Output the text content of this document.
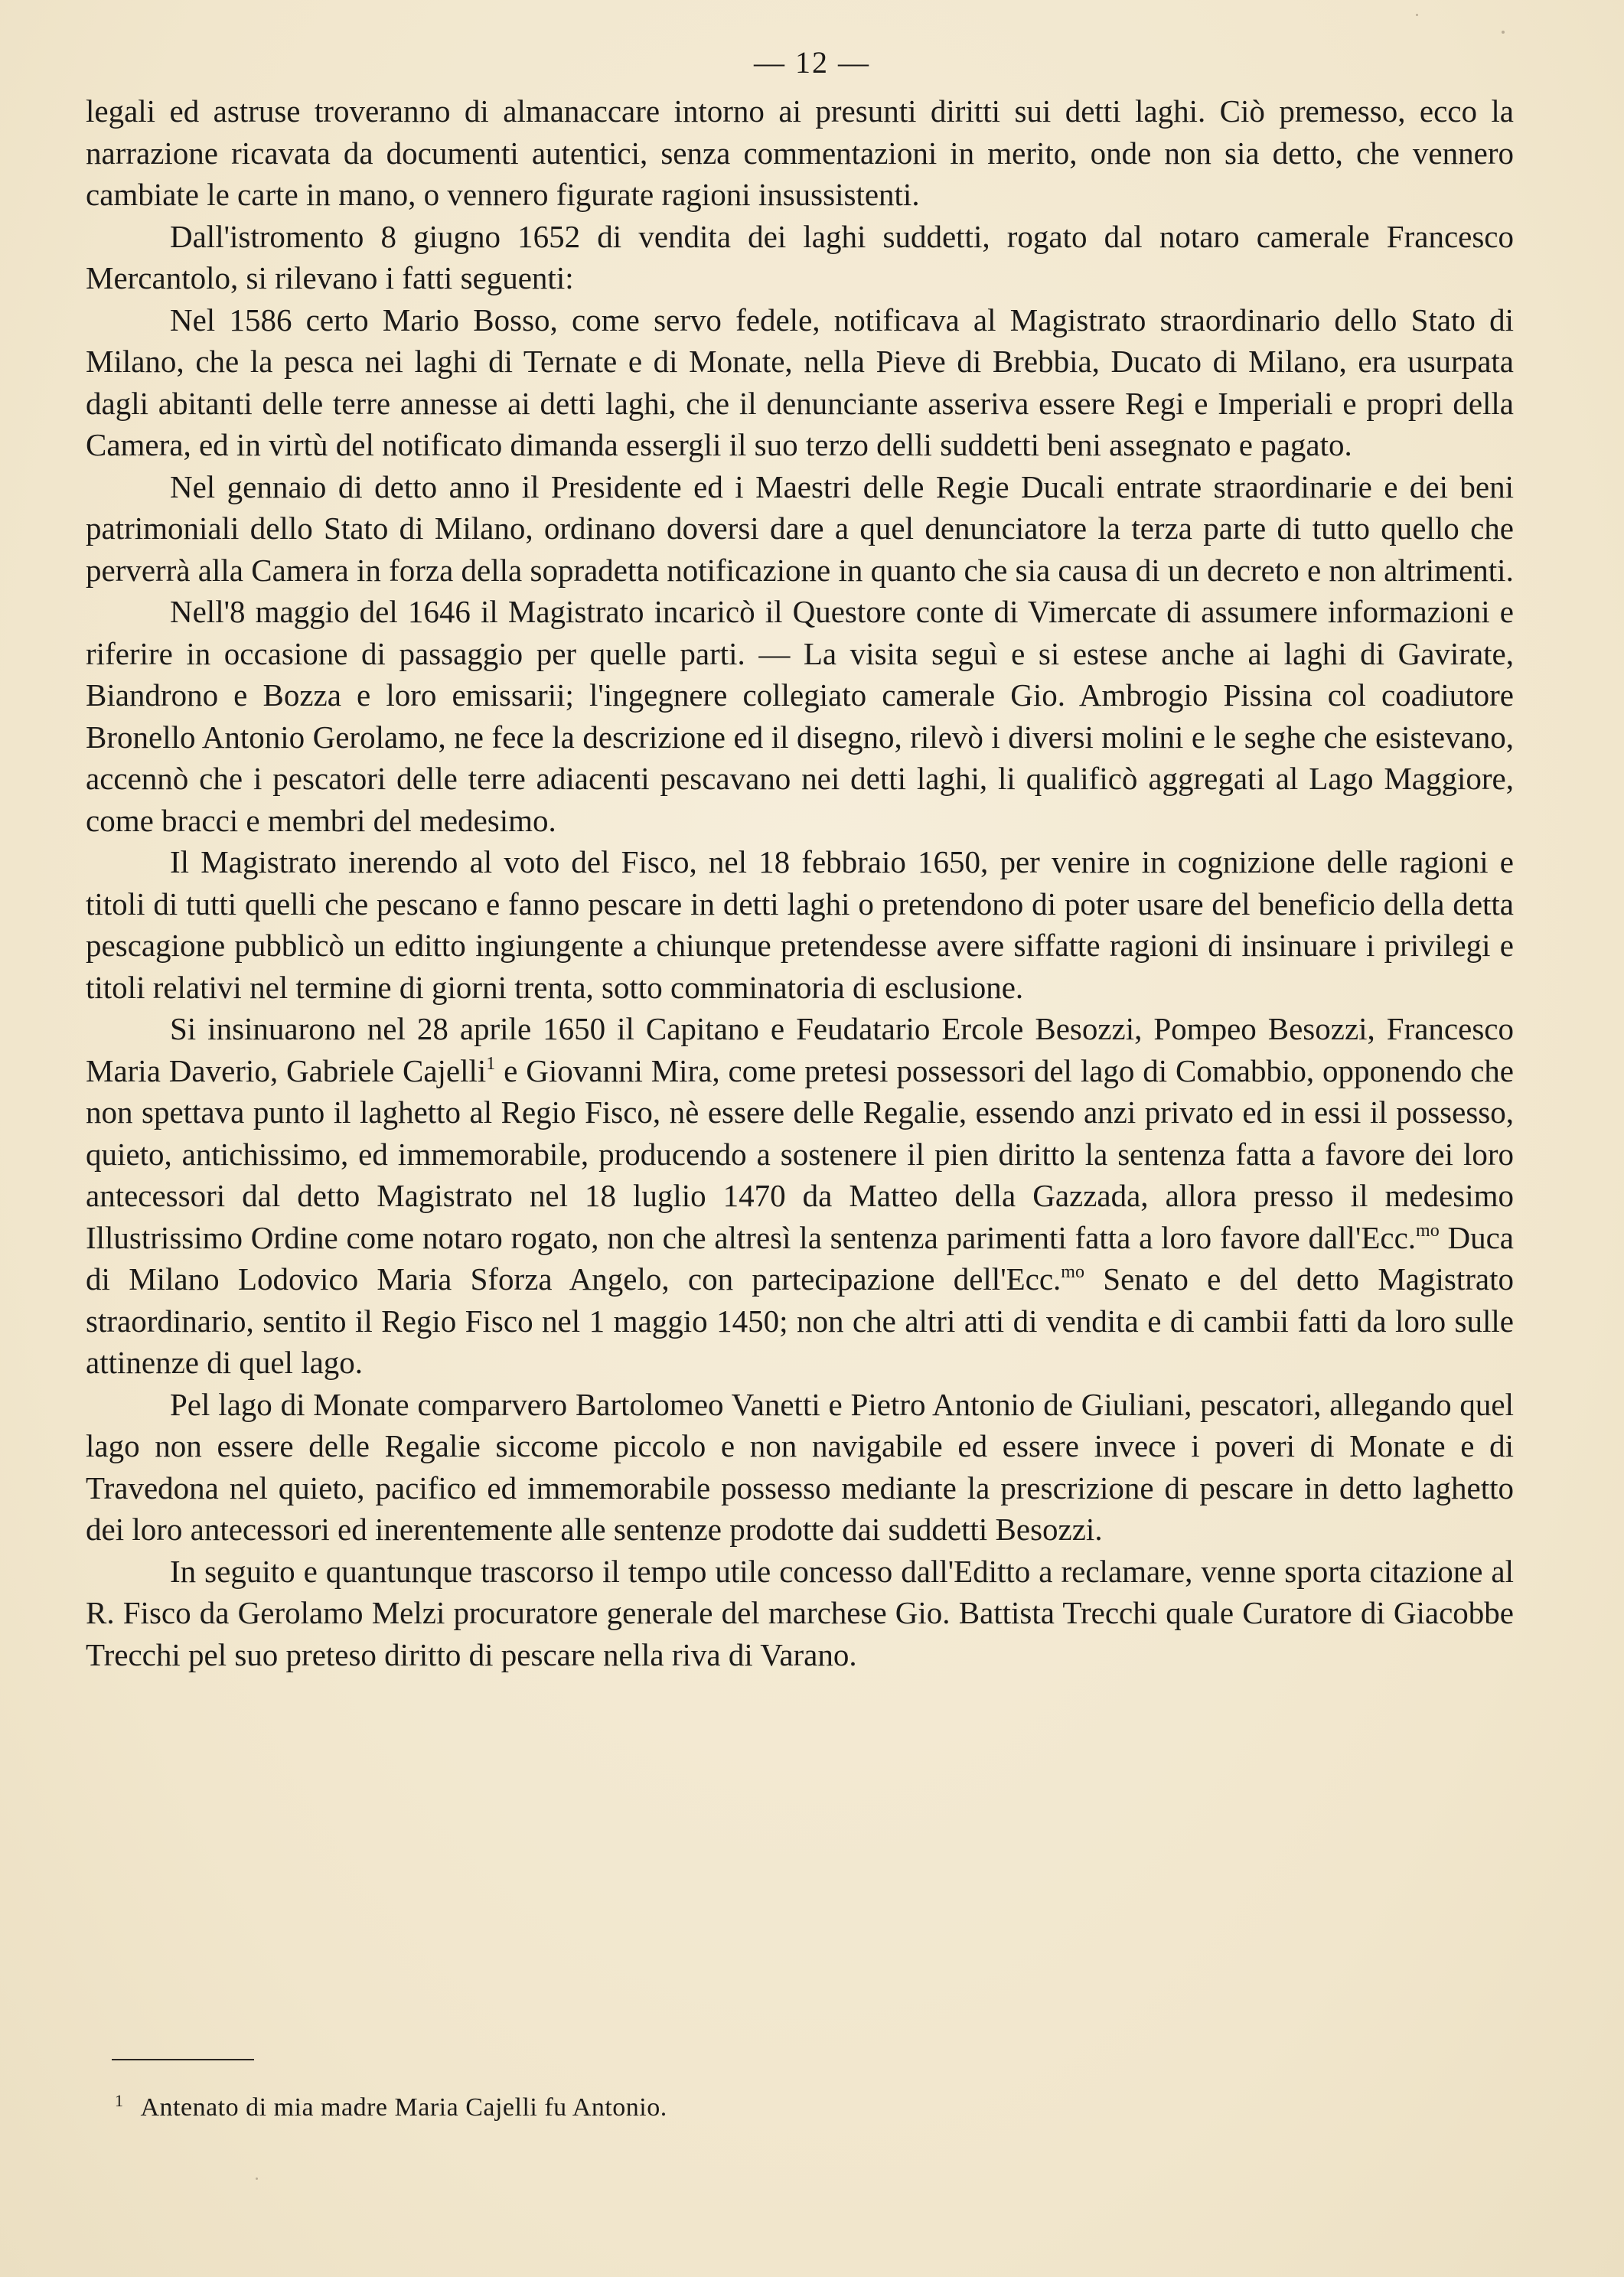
— 12 —

legali ed astruse troveranno di almanaccare intorno ai presunti diritti sui detti laghi. Ciò premesso, ecco la narrazione ricavata da documenti autentici, senza commentazioni in merito, onde non sia detto, che vennero cambiate le carte in mano, o vennero figurate ragioni insussistenti.

Dall'istromento 8 giugno 1652 di vendita dei laghi suddetti, rogato dal notaro camerale Francesco Mercantolo, si rilevano i fatti seguenti:

Nel 1586 certo Mario Bosso, come servo fedele, notificava al Magistrato straordinario dello Stato di Milano, che la pesca nei laghi di Ternate e di Monate, nella Pieve di Brebbia, Ducato di Milano, era usurpata dagli abitanti delle terre annesse ai detti laghi, che il denunciante asseriva essere Regi e Imperiali e propri della Camera, ed in virtù del notificato dimanda essergli il suo terzo delli suddetti beni assegnato e pagato.

Nel gennaio di detto anno il Presidente ed i Maestri delle Regie Ducali entrate straordinarie e dei beni patrimoniali dello Stato di Milano, ordinano doversi dare a quel denunciatore la terza parte di tutto quello che perverrà alla Camera in forza della sopradetta notificazione in quanto che sia causa di un decreto e non altrimenti.

Nell'8 maggio del 1646 il Magistrato incaricò il Questore conte di Vimercate di assumere informazioni e riferire in occasione di passaggio per quelle parti. — La visita seguì e si estese anche ai laghi di Gavirate, Biandrono e Bozza e loro emissarii; l'ingegnere collegiato camerale Gio. Ambrogio Pissina col coadiutore Bronello Antonio Gerolamo, ne fece la descrizione ed il disegno, rilevò i diversi molini e le seghe che esistevano, accennò che i pescatori delle terre adiacenti pescavano nei detti laghi, li qualificò aggregati al Lago Maggiore, come bracci e membri del medesimo.

Il Magistrato inerendo al voto del Fisco, nel 18 febbraio 1650, per venire in cognizione delle ragioni e titoli di tutti quelli che pescano e fanno pescare in detti laghi o pretendono di poter usare del beneficio della detta pescagione pubblicò un editto ingiungente a chiunque pretendesse avere siffatte ragioni di insinuare i privilegi e titoli relativi nel termine di giorni trenta, sotto comminatoria di esclusione.

Si insinuarono nel 28 aprile 1650 il Capitano e Feudatario Ercole Besozzi, Pompeo Besozzi, Francesco Maria Daverio, Gabriele Cajelli$^1$ e Giovanni Mira, come pretesi possessori del lago di Comabbio, opponendo che non spettava punto il laghetto al Regio Fisco, nè essere delle Regalie, essendo anzi privato ed in essi il possesso, quieto, antichissimo, ed immemorabile, producendo a sostenere il pien diritto la sentenza fatta a favore dei loro antecessori dal detto Magistrato nel 18 luglio 1470 da Matteo della Gazzada, allora presso il medesimo Illustrissimo Ordine come notaro rogato, non che altresì la sentenza parimenti fatta a loro favore dall'Ecc.$^{mo}$ Duca di Milano Lodovico Maria Sforza Angelo, con partecipazione dell'Ecc.$^{mo}$ Senato e del detto Magistrato straordinario, sentito il Regio Fisco nel 1 maggio 1450; non che altri atti di vendita e di cambii fatti da loro sulle attinenze di quel lago.

Pel lago di Monate comparvero Bartolomeo Vanetti e Pietro Antonio de Giuliani, pescatori, allegando quel lago non essere delle Regalie siccome piccolo e non navigabile ed essere invece i poveri di Monate e di Travedona nel quieto, pacifico ed immemorabile possesso mediante la prescrizione di pescare in detto laghetto dei loro antecessori ed inerentemente alle sentenze prodotte dai suddetti Besozzi.

In seguito e quantunque trascorso il tempo utile concesso dall'Editto a reclamare, venne sporta citazione al R. Fisco da Gerolamo Melzi procuratore generale del marchese Gio. Battista Trecchi quale Curatore di Giacobbe Trecchi pel suo preteso diritto di pescare nella riva di Varano.

$^1$ Antenato di mia madre Maria Cajelli fu Antonio.
